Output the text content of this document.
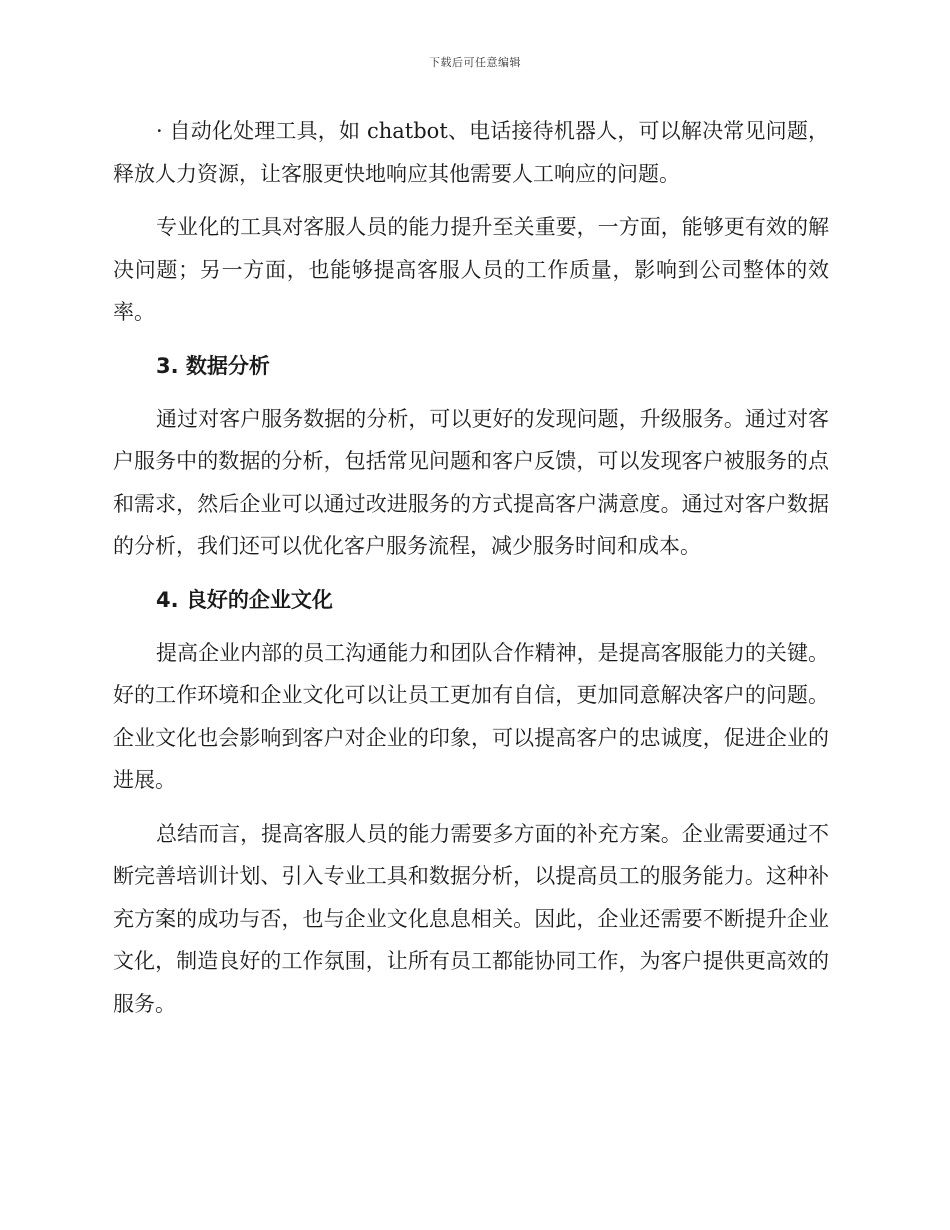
下载后可任意编辑

· 自动化处理工具，如 chatbot、电话接待机器人，可以解决常见问题，释放人力资源，让客服更快地响应其他需要人工响应的问题。

专业化的工具对客服人员的能力提升至关重要，一方面，能够更有效的解决问题；另一方面，也能够提高客服人员的工作质量，影响到公司整体的效率。

3. 数据分析

通过对客户服务数据的分析，可以更好的发现问题，升级服务。通过对客户服务中的数据的分析，包括常见问题和客户反馈，可以发现客户被服务的点和需求，然后企业可以通过改进服务的方式提高客户满意度。通过对客户数据的分析，我们还可以优化客户服务流程，减少服务时间和成本。

4. 良好的企业文化

提高企业内部的员工沟通能力和团队合作精神，是提高客服能力的关键。好的工作环境和企业文化可以让员工更加有自信，更加同意解决客户的问题。企业文化也会影响到客户对企业的印象，可以提高客户的忠诚度，促进企业的进展。

总结而言，提高客服人员的能力需要多方面的补充方案。企业需要通过不断完善培训计划、引入专业工具和数据分析，以提高员工的服务能力。这种补充方案的成功与否，也与企业文化息息相关。因此，企业还需要不断提升企业文化，制造良好的工作氛围，让所有员工都能协同工作，为客户提供更高效的服务。
